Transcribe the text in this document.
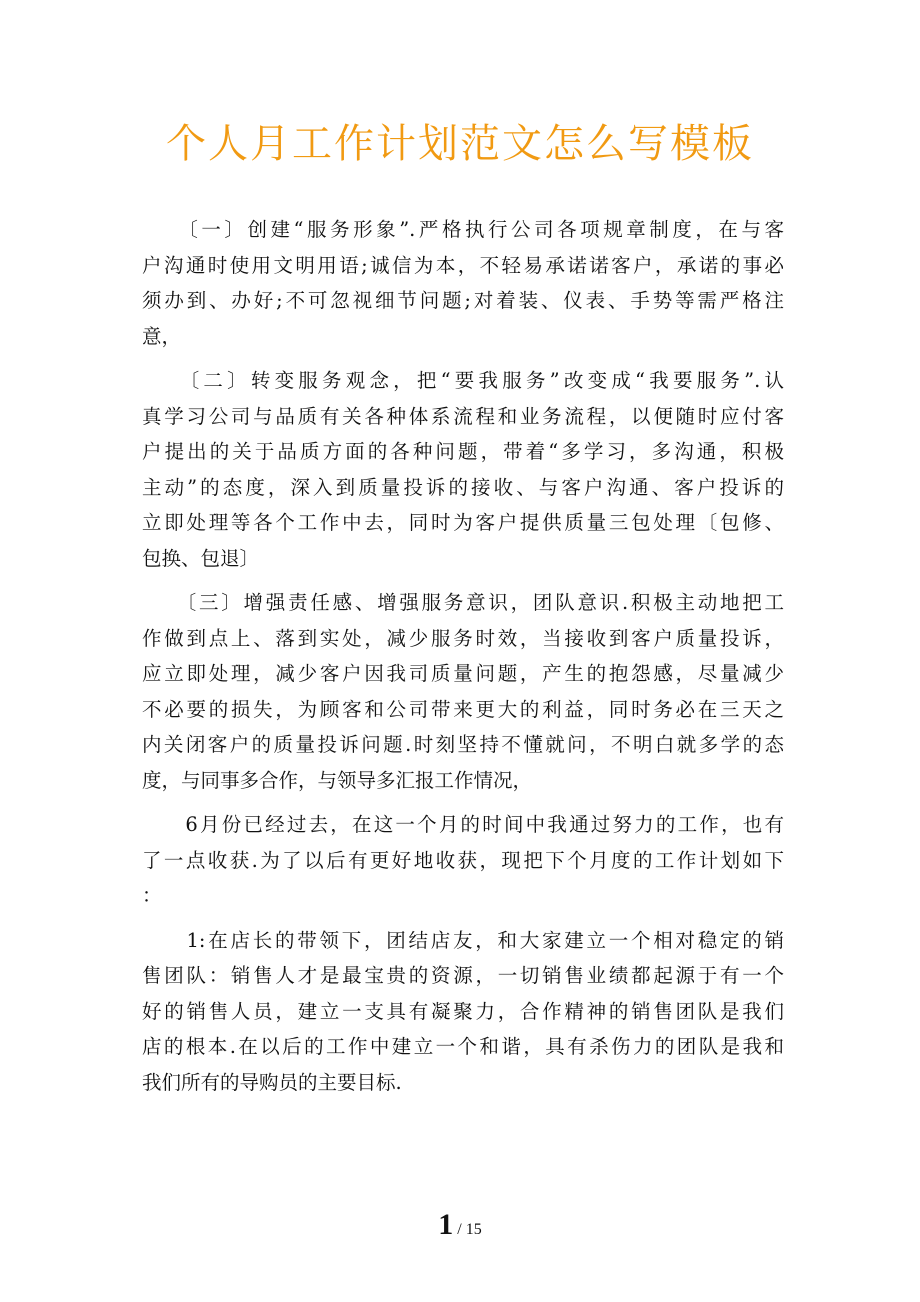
个人月工作计划范文怎么写模板
　　〔一〕创建“服务形象”.严格执行公司各项规章制度，在与客
户沟通时使用文明用语;诚信为本，不轻易承诺诺客户，承诺的事必
须办到、办好;不可忽视细节问题;对着装、仪表、手势等需严格注
意，
　　〔二〕转变服务观念，把“要我服务”改变成“我要服务”.认
真学习公司与品质有关各种体系流程和业务流程，以便随时应付客
户提出的关于品质方面的各种问题，带着“多学习，多沟通，积极
主动”的态度，深入到质量投诉的接收、与客户沟通、客户投诉的
立即处理等各个工作中去，同时为客户提供质量三包处理〔包修、
包换、包退〕
　　〔三〕增强责任感、增强服务意识，团队意识.积极主动地把工
作做到点上、落到实处，减少服务时效，当接收到客户质量投诉，
应立即处理，减少客户因我司质量问题，产生的抱怨感，尽量减少
不必要的损失，为顾客和公司带来更大的利益，同时务必在三天之
内关闭客户的质量投诉问题.时刻坚持不懂就问，不明白就多学的态
度，与同事多合作，与领导多汇报工作情况，
　　6月份已经过去，在这一个月的时间中我通过努力的工作，也有
了一点收获.为了以后有更好地收获，现把下个月度的工作计划如下
：
　　1:在店长的带领下，团结店友，和大家建立一个相对稳定的销
售团队：销售人才是最宝贵的资源，一切销售业绩都起源于有一个
好的销售人员，建立一支具有凝聚力，合作精神的销售团队是我们
店的根本.在以后的工作中建立一个和谐，具有杀伤力的团队是我和
我们所有的导购员的主要目标.
1 / 15
